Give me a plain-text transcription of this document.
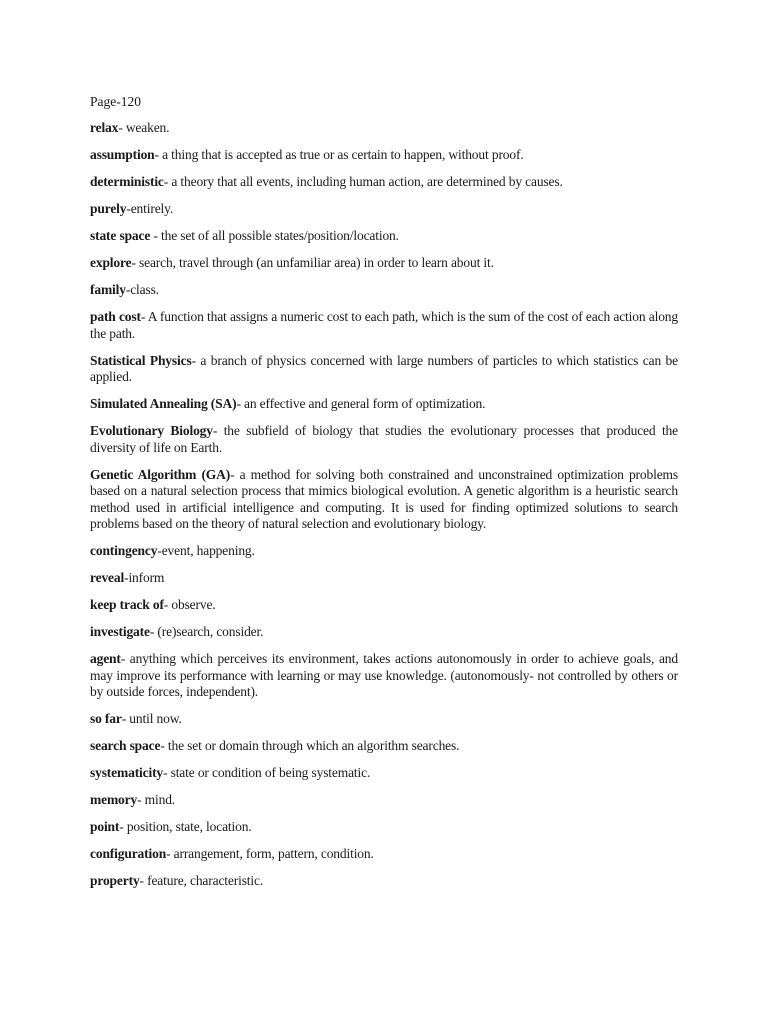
Page-120

relax- weaken.
assumption- a thing that is accepted as true or as certain to happen, without proof.
deterministic- a theory that all events, including human action, are determined by causes.
purely-entirely.
state space - the set of all possible states/position/location.
explore- search, travel through (an unfamiliar area) in order to learn about it.
family-class.
path cost- A function that assigns a numeric cost to each path, which is the sum of the cost of each action along the path.
Statistical Physics- a branch of physics concerned with large numbers of particles to which statistics can be applied.
Simulated Annealing (SA)- an effective and general form of optimization.
Evolutionary Biology- the subfield of biology that studies the evolutionary processes that produced the diversity of life on Earth.
Genetic Algorithm (GA)- a method for solving both constrained and unconstrained optimization problems based on a natural selection process that mimics biological evolution. A genetic algorithm is a heuristic search method used in artificial intelligence and computing. It is used for finding optimized solutions to search problems based on the theory of natural selection and evolutionary biology.
contingency-event, happening.
reveal-inform
keep track of- observe.
investigate- (re)search, consider.
agent- anything which perceives its environment, takes actions autonomously in order to achieve goals, and may improve its performance with learning or may use knowledge. (autonomously- not controlled by others or by outside forces, independent).
so far- until now.
search space- the set or domain through which an algorithm searches.
systematicity- state or condition of being systematic.
memory- mind.
point- position, state, location.
configuration- arrangement, form, pattern, condition.
property- feature, characteristic.
